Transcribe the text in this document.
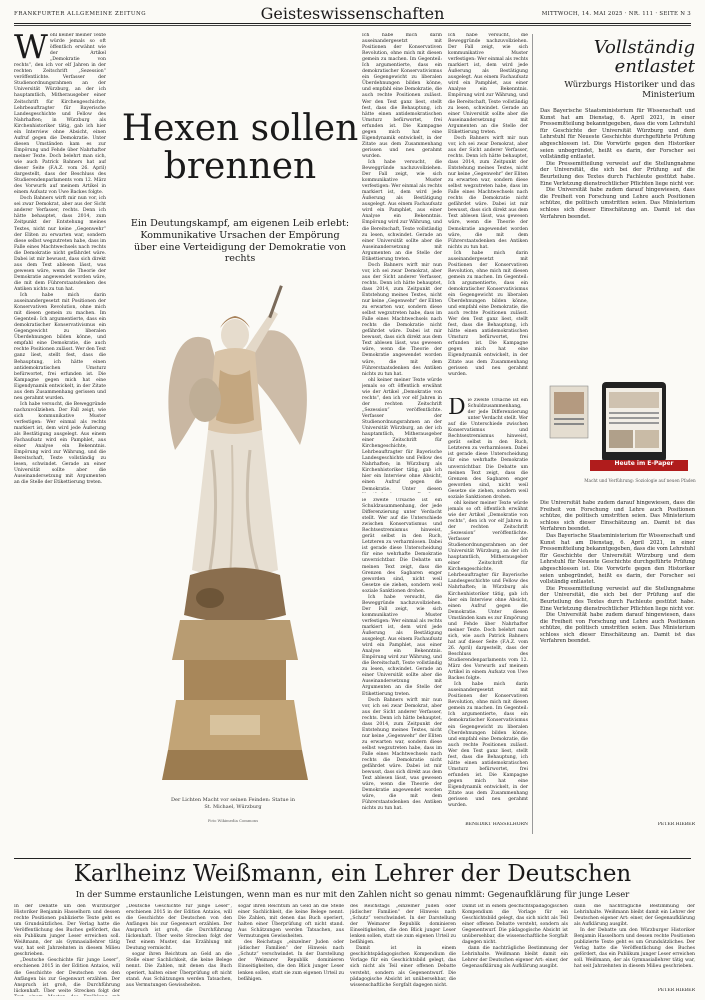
FRANKFURTER ALLGEMEINE ZEITUNG	Geisteswissenschaften	MITTWOCH, 14. MAI 2025 · NR. 111 · SEITE N 3
W ohl keiner meiner Texte würde jemals so oft öffentlich erwähnt wie der Artikel „Demokratie von rechts“, den ich vor elf Jahren in der rechten Zeitschrift „Sezession“ veröffentlichte. Verfasser der Studienordnungsrahmen an der Universität Würzburg, an der ich hauptamtlich, Mitherausgeber einer Zeitschrift für Kirchengeschichte, Lehrbeauftragter für Bayerische Landesgeschichte und Fellow des Nahrhaften; in Würzburg als Kirchenhistoriker tätig, gab ich hier ein Interview ohne Absicht, einen Aufruf gegen die Demokratie. Unter diesen Umständen kam es zur Empörung und Fehde über Nahrhafter meiner Texte. Doch belehrt man sich, wie auch Patrick Bahners hat auf dieser Seite (F.A.Z. vom 26. April) dargestellt, dass der Beschluss des Studierendenparlaments vom 12. März des Vorwurfs auf meinem Artikel in einem Aufsatz von Uwe Backes folgte.

Doch Bahners wirft mir nun vor, ich sei zwar Demokrat, aber aus der Sicht anderer Verfasser, rechts. Denn ich hätte behauptet, dass 2014, zum Zeitpunkt der Entstehung meines Textes, nicht nur keine „Gegenwehr“ der Eliten zu erwarten war, sondern diese selbst wegzutreten habe, dass im Falle eines Machtwechsels nach rechts die Demokratie nicht gefährdet wäre. Dabei ist mir bewusst, dass sich direkt aus dem Text ablesen lässt, was gewesen wäre, wenn die Theorie der Demokratie angewendet worden wäre, die mit dem Führerstaatsdenken des Antiken nichts zu tun hat.

Ich habe mich darin auseinandergesetzt mit Positionen der Konservativen Revolution, ohne mich mit diesen gemein zu machen. Im Gegenteil: Ich argumentierte, dass ein demokratischer Konservativismus ein Gegengewicht zu liberalen Überdehnungen bilden könne, und empfahl eine Demokratie, die auch rechte Positionen zulässt. Wer den Text ganz liest, stellt fest, dass die Behauptung, ich hätte einen antidemokratischen Umsturz befürwortet, frei erfunden ist. Die Kampagne gegen mich hat eine Eigendynamik entwickelt, in der Zitate aus dem Zusammenhang gerissen und neu gerahmt wurden.

Ich habe versucht, die Beweggründe nachzuvollziehen. Der Fall zeigt, wie sich kommunikative Muster verfestigen: Wer einmal als rechts markiert ist, dem wird jede Äußerung als Bestätigung ausgelegt. Aus einem Fachaufsatz wird ein Pamphlet, aus einer Analyse ein Bekenntnis. Empörung wird zur Währung, und die Bereitschaft, Texte vollständig zu lesen, schwindet. Gerade an einer Universität sollte aber die Auseinandersetzung mit Argumenten an die Stelle der Etikettierung treten.

Hexen sollen brennen
Ein Deutungskampf, am eigenen Leib erlebt: Kommunikative Ursachen der Empörung über eine Verteidigung der Demokratie von rechts
Der Lichten Macht vor seinen Feinden: Statue in St. Michael, Würzburg
Foto Wikimedia Commons

Ich habe mich darin auseinandergesetzt mit Positionen der Konservativen Revolution, ohne mich mit diesen gemein zu machen. Im Gegenteil: Ich argumentierte, dass ein demokratischer Konservativismus ein Gegengewicht zu liberalen Überdehnungen bilden könne, und empfahl eine Demokratie, die auch rechte Positionen zulässt. Wer den Text ganz liest, stellt fest, dass die Behauptung, ich hätte einen antidemokratischen Umsturz befürwortet, frei erfunden ist. Die Kampagne gegen mich hat eine Eigendynamik entwickelt, in der Zitate aus dem Zusammenhang gerissen und neu gerahmt wurden.

Ich habe versucht, die Beweggründe nachzuvollziehen. Der Fall zeigt, wie sich kommunikative Muster verfestigen: Wer einmal als rechts markiert ist, dem wird jede Äußerung als Bestätigung ausgelegt. Aus einem Fachaufsatz wird ein Pamphlet, aus einer Analyse ein Bekenntnis. Empörung wird zur Währung, und die Bereitschaft, Texte vollständig zu lesen, schwindet. Gerade an einer Universität sollte aber die Auseinandersetzung mit Argumenten an die Stelle der Etikettierung treten.

Doch Bahners wirft mir nun vor, ich sei zwar Demokrat, aber aus der Sicht anderer Verfasser, rechts. Denn ich hätte behauptet, dass 2014, zum Zeitpunkt der Entstehung meines Textes, nicht nur keine „Gegenwehr“ der Eliten zu erwarten war, sondern diese selbst wegzutreten habe, dass im Falle eines Machtwechsels nach rechts die Demokratie nicht gefährdet wäre. Dabei ist mir bewusst, dass sich direkt aus dem Text ablesen lässt, was gewesen wäre, wenn die Theorie der Demokratie angewendet worden wäre, die mit dem Führerstaatsdenken des Antiken nichts zu tun hat.

ohl keiner meiner Texte würde jemals so oft öffentlich erwähnt wie der Artikel „Demokratie von rechts“, den ich vor elf Jahren in der rechten Zeitschrift „Sezession“ veröffentlichte. Verfasser der Studienordnungsrahmen an der Universität Würzburg, an der ich hauptamtlich, Mitherausgeber einer Zeitschrift für Kirchengeschichte, Lehrbeauftragter für Bayerische Landesgeschichte und Fellow des Nahrhaften; in Würzburg als Kirchenhistoriker tätig, gab ich hier ein Interview ohne Absicht, einen Aufruf gegen die Demokratie. Unter diesen

Ich habe versucht, die Beweggründe nachzuvollziehen. Der Fall zeigt, wie sich kommunikative Muster verfestigen: Wer einmal als rechts markiert ist, dem wird jede Äußerung als Bestätigung ausgelegt. Aus einem Fachaufsatz wird ein Pamphlet, aus einer Analyse ein Bekenntnis. Empörung wird zur Währung, und die Bereitschaft, Texte vollständig zu lesen, schwindet. Gerade an einer Universität sollte aber die Auseinandersetzung mit Argumenten an die Stelle der Etikettierung treten.

Doch Bahners wirft mir nun vor, ich sei zwar Demokrat, aber aus der Sicht anderer Verfasser, rechts. Denn ich hätte behauptet, dass 2014, zum Zeitpunkt der Entstehung meines Textes, nicht nur keine „Gegenwehr“ der Eliten zu erwarten war, sondern diese selbst wegzutreten habe, dass im Falle eines Machtwechsels nach rechts die Demokratie nicht gefährdet wäre. Dabei ist mir bewusst, dass sich direkt aus dem Text ablesen lässt, was gewesen wäre, wenn die Theorie der Demokratie angewendet worden wäre, die mit dem Führerstaatsdenken des Antiken nichts zu tun hat.

Ich habe mich darin auseinandergesetzt mit Positionen der Konservativen Revolution, ohne mich mit diesen gemein zu machen. Im Gegenteil: Ich argumentierte, dass ein demokratischer Konservativismus ein Gegengewicht zu liberalen Überdehnungen bilden könne, und empfahl eine Demokratie, die auch rechte Positionen zulässt. Wer den Text ganz liest, stellt fest, dass die Behauptung, ich hätte einen antidemokratischen Umsturz befürwortet, frei erfunden ist. Die Kampagne gegen mich hat eine Eigendynamik entwickelt, in der Zitate aus dem Zusammenhang gerissen und neu gerahmt wurden.

D ie zweite Ursache ist ein Schuldzusammenhang, der jede Differenzierung unter Verdacht stellt. Wer auf die Unterschiede zwischen Konservatismus und Rechtsextremismus hinweist, gerät selbst in den Ruch, Letzteren zu verharmlosen. Dabei ist gerade diese Unterscheidung für eine wehrhafte Demokratie unverzichtbar. Die Debatte um meinen Text zeigt, dass die Grenzen des Sagbaren enger geworden sind, nicht weil Gesetze sie ziehen, sondern weil soziale Sanktionen drohen.

ohl keiner meiner Texte würde jemals so oft öffentlich erwähnt wie der Artikel „Demokratie von rechts“, den ich vor elf Jahren in der rechten Zeitschrift „Sezession“ veröffentlichte. Verfasser der Studienordnungsrahmen an der Universität Würzburg, an der ich hauptamtlich, Mitherausgeber einer Zeitschrift für Kirchengeschichte, Lehrbeauftragter für Bayerische Landesgeschichte und Fellow des Nahrhaften; in Würzburg als Kirchenhistoriker tätig, gab ich hier ein Interview ohne Absicht, einen Aufruf gegen die Demokratie. Unter diesen Umständen kam es zur Empörung und Fehde über Nahrhafter meiner Texte. Doch belehrt man sich, wie auch Patrick Bahners hat auf dieser Seite (F.A.Z. vom 26. April) dargestellt, dass der Beschluss des Studierendenparlaments vom 12. März des Vorwurfs auf meinem Artikel in einem Aufsatz von Uwe Backes folgte.

Ich habe mich darin auseinandergesetzt mit Positionen der Konservativen Revolution, ohne mich mit diesen gemein zu machen. Im Gegenteil: Ich argumentierte, dass ein demokratischer Konservativismus ein Gegengewicht zu liberalen Überdehnungen bilden könne, und empfahl eine Demokratie, die auch rechte Positionen zulässt. Wer den Text ganz liest, stellt fest, dass die Behauptung, ich hätte einen antidemokratischen Umsturz befürwortet, frei erfunden ist. Die Kampagne gegen mich hat eine Eigendynamik entwickelt, in der Zitate aus dem Zusammenhang gerissen und neu gerahmt wurden.

ie zweite Ursache ist ein Schuldzusammenhang, der jede Differenzierung unter Verdacht stellt. Wer auf die Unterschiede zwischen Konservatismus und Rechtsextremismus hinweist, gerät selbst in den Ruch, Letzteren zu verharmlosen. Dabei ist gerade diese Unterscheidung für eine wehrhafte Demokratie unverzichtbar. Die Debatte um meinen Text zeigt, dass die Grenzen des Sagbaren enger geworden sind, nicht weil Gesetze sie ziehen, sondern weil soziale Sanktionen drohen.

Ich habe versucht, die Beweggründe nachzuvollziehen. Der Fall zeigt, wie sich kommunikative Muster verfestigen: Wer einmal als rechts markiert ist, dem wird jede Äußerung als Bestätigung ausgelegt. Aus einem Fachaufsatz wird ein Pamphlet, aus einer Analyse ein Bekenntnis. Empörung wird zur Währung, und die Bereitschaft, Texte vollständig zu lesen, schwindet. Gerade an einer Universität sollte aber die Auseinandersetzung mit Argumenten an die Stelle der Etikettierung treten.

Doch Bahners wirft mir nun vor, ich sei zwar Demokrat, aber aus der Sicht anderer Verfasser, rechts. Denn ich hätte behauptet, dass 2014, zum Zeitpunkt der Entstehung meines Textes, nicht nur keine „Gegenwehr“ der Eliten zu erwarten war, sondern diese selbst wegzutreten habe, dass im Falle eines Machtwechsels nach rechts die Demokratie nicht gefährdet wäre. Dabei ist mir bewusst, dass sich direkt aus dem Text ablesen lässt, was gewesen wäre, wenn die Theorie der Demokratie angewendet worden wäre, die mit dem Führerstaatsdenken des Antiken nichts zu tun hat.

BENEDIKT HASSELHORN
Vollständig entlastet
Würzburgs Historiker und das Ministerium

Das Bayerische Staatsministerium für Wissenschaft und Kunst hat am Dienstag, 6. April 2021, in einer Pressemitteilung bekanntgegeben, dass die vom Lehrstuhl für Geschichte der Universität Würzburg und dem Lehrstuhl für Neueste Geschichte durchgeführte Prüfung abgeschlossen ist. Die Vorwürfe gegen den Historiker seien unbegründet, heißt es darin, der Forscher sei vollständig entlastet.

Die Pressemitteilung verweist auf die Stellungnahme der Universität, die sich bei der Prüfung auf die Beurteilung des Textes durch Fachleute gestützt habe. Eine Verletzung dienstrechtlicher Pflichten liege nicht vor.

Die Universität habe zudem darauf hingewiesen, dass die Freiheit von Forschung und Lehre auch Positionen schütze, die politisch umstritten seien. Das Ministerium schloss sich dieser Einschätzung an. Damit ist das Verfahren beendet.

Heute im E-Paper
Macht und Verführung: Soziologie auf neuen Pfaden

Die Universität habe zudem darauf hingewiesen, dass die Freiheit von Forschung und Lehre auch Positionen schütze, die politisch umstritten seien. Das Ministerium schloss sich dieser Einschätzung an. Damit ist das Verfahren beendet.

Das Bayerische Staatsministerium für Wissenschaft und Kunst hat am Dienstag, 6. April 2021, in einer Pressemitteilung bekanntgegeben, dass die vom Lehrstuhl für Geschichte der Universität Würzburg und dem Lehrstuhl für Neueste Geschichte durchgeführte Prüfung abgeschlossen ist. Die Vorwürfe gegen den Historiker seien unbegründet, heißt es darin, der Forscher sei vollständig entlastet.

Die Pressemitteilung verweist auf die Stellungnahme der Universität, die sich bei der Prüfung auf die Beurteilung des Textes durch Fachleute gestützt habe. Eine Verletzung dienstrechtlicher Pflichten liege nicht vor.

Die Universität habe zudem darauf hingewiesen, dass die Freiheit von Forschung und Lehre auch Positionen schütze, die politisch umstritten seien. Das Ministerium schloss sich dieser Einschätzung an. Damit ist das Verfahren beendet.

PETER HIEBER
Karlheinz Weißmann, ein Lehrer der Deutschen
In der Summe erstaunliche Leistungen, wenn man es nur mit den Zahlen nicht so genau nimmt: Gegenaufklärung für junge Leser

In der Debatte um den Würzburger Historiker Benjamin Hasselhorn und dessen rechte Positionen publizierte Texte geht es um Grundsätzliches. Der Verlag hatte die Veröffentlichung des Buches gefördert, das ein Publikum junger Leser erreichen soll. Weißmann, der als Gymnasiallehrer tätig war, hat seit Jahrzehnten in diesem Milieu geschrieben.

„Deutsche Geschichte für junge Leser“, erschienen 2015 in der Edition Antaios, will die Geschichte der Deutschen von den Anfängen bis zur Gegenwart erzählen. Der Anspruch ist groß, die Durchführung lückenhaft. Über weite Strecken folgt der

„Deutsche Geschichte für junge Leser“, erschienen 2015 in der Edition Antaios, will die Geschichte der Deutschen von den Anfängen bis zur Gegenwart erzählen. Der Anspruch ist groß, die Durchführung lückenhaft. Über weite Strecken folgt der Text einem Muster, das Erzählung mit Deutung vermischt.

sogar ihren Reichtum an Geld an die Stelle einer Sachlichkeit, die keine Belege nennt. Die Zahlen, mit denen das Buch operiert, halten einer Überprüfung oft nicht stand. Aus Schätzungen werden Tatsachen, aus Vermutungen Gewissheiten.

sogar ihren Reichtum an Geld an die Stelle einer Sachlichkeit, die keine Belege nennt. Die Zahlen, mit denen das Buch operiert, halten einer Überprüfung oft nicht stand. Aus Schätzungen werden Tatsachen, aus Vermutungen Gewissheiten.

des Reichstags „einzelner Juden oder jüdischer Familien“ der Hinweis nach „Schutz“ verschwindet. In der Darstellung der Weimarer Republik dominieren Einseitigkeiten, die den Blick junger Leser lenken sollen, statt sie zum eigenen Urteil zu befähigen.

des Reichstags „einzelner Juden oder jüdischer Familien“ der Hinweis nach „Schutz“ verschwindet. In der Darstellung der Weimarer Republik dominieren Einseitigkeiten, die den Blick junger Leser lenken sollen, statt sie zum eigenen Urteil zu befähigen.

Damit ist in einem geschichtspädagogischen Kompendium die Vorlage für ein Geschichtsbild gelegt, das sich nicht als Teil einer offenen Debatte versteht, sondern als Gegenentwurf. Die pädagogische Absicht ist unübersehbar, die wissenschaftliche Sorgfalt dagegen nicht.

Damit ist in einem geschichtspädagogischen Kompendium die Vorlage für ein Geschichtsbild gelegt, das sich nicht als Teil einer offenen Debatte versteht, sondern als Gegenentwurf. Die pädagogische Absicht ist unübersehbar, die wissenschaftliche Sorgfalt dagegen nicht.

dann die nachträgliche Bestimmung der Lehrinhalte. Weißmann bleibt damit ein Lehrer der Deutschen eigener Art: einer, der Gegenaufklärung als Aufklärung ausgibt.

dann die nachträgliche Bestimmung der Lehrinhalte. Weißmann bleibt damit ein Lehrer der Deutschen eigener Art: einer, der Gegenaufklärung als Aufklärung ausgibt.

In der Debatte um den Würzburger Historiker Benjamin Hasselhorn und dessen rechte Positionen publizierte Texte geht es um Grundsätzliches. Der Verlag hatte die Veröffentlichung des Buches gefördert, das ein Publikum junger Leser erreichen soll. Weißmann, der als Gymnasiallehrer tätig war, hat seit Jahrzehnten in diesem Milieu geschrieben.

PETER HIEBER
